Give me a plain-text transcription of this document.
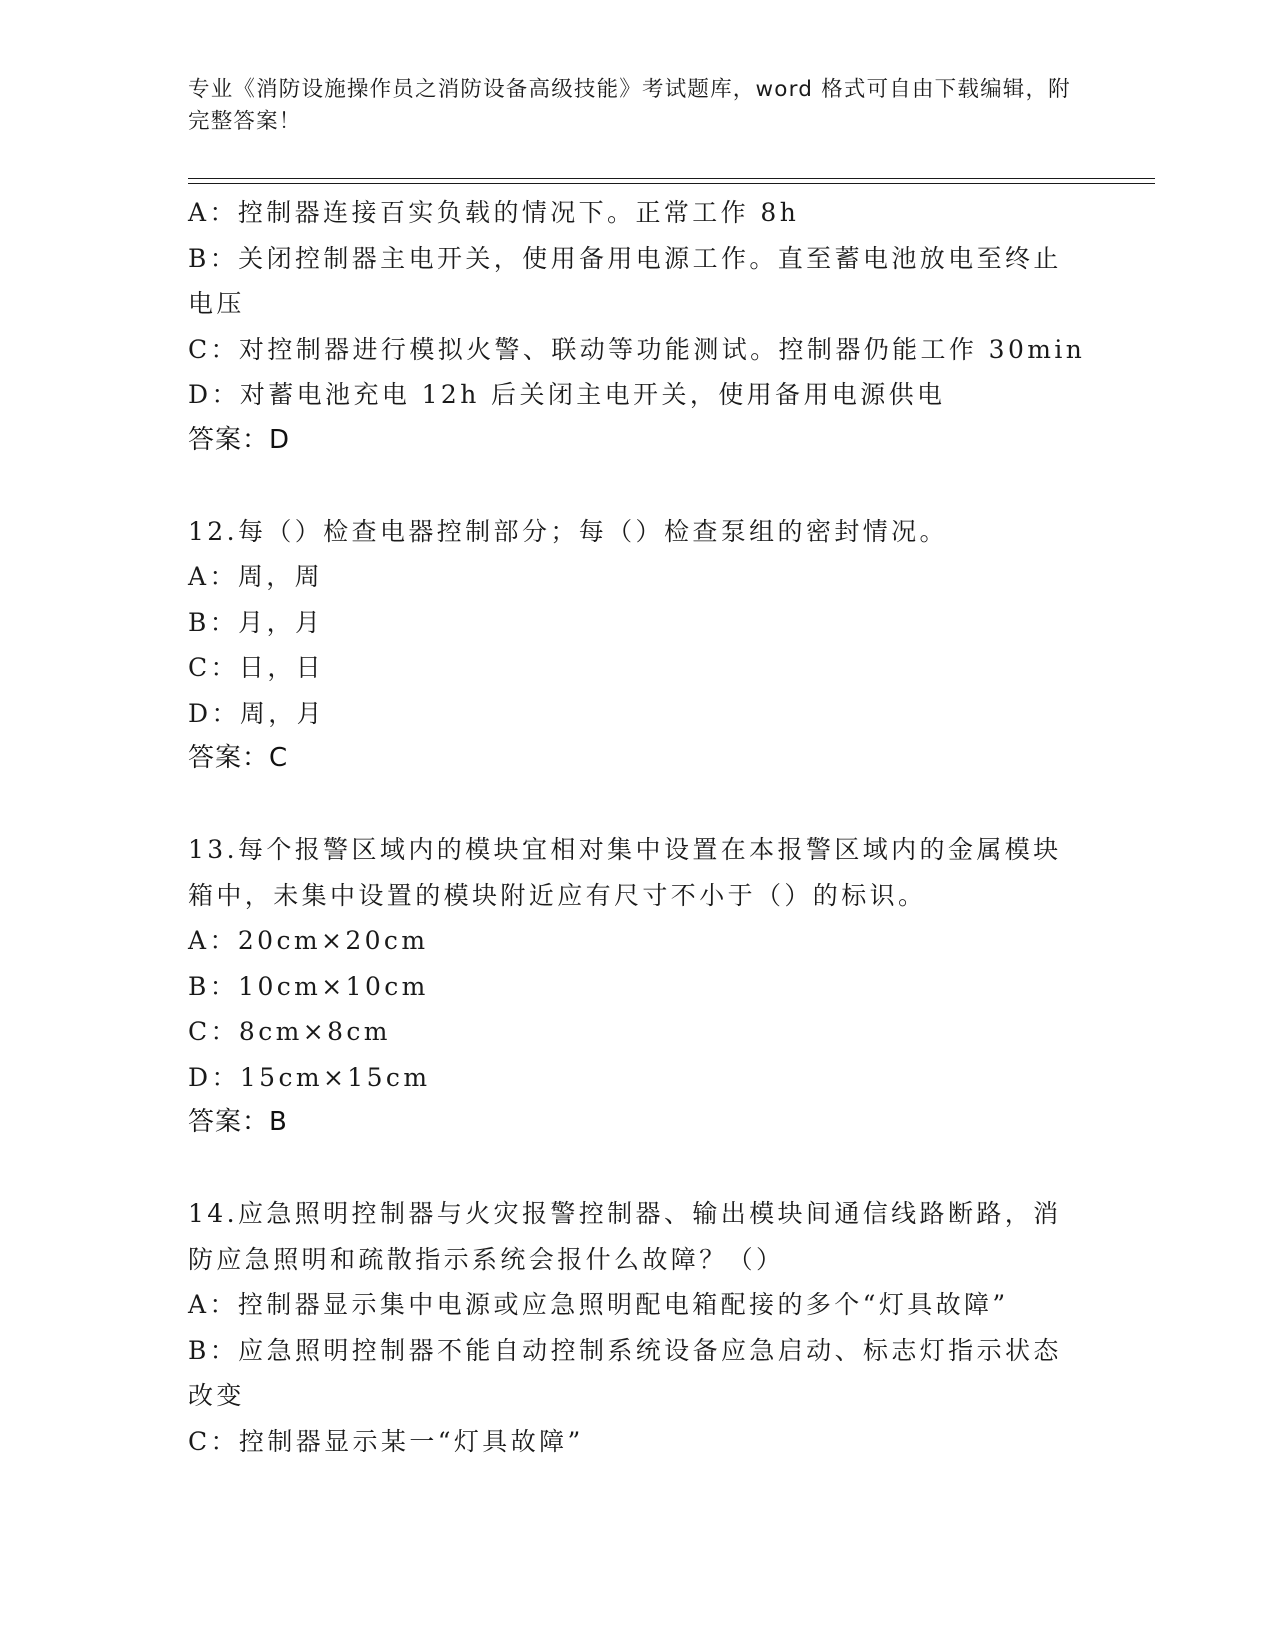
专业《消防设施操作员之消防设备高级技能》考试题库，word 格式可自由下载编辑，附完整答案！
A：控制器连接百实负载的情况下。正常工作 8h
B：关闭控制器主电开关，使用备用电源工作。直至蓄电池放电至终止电压
C：对控制器进行模拟火警、联动等功能测试。控制器仍能工作 30min
D：对蓄电池充电 12h 后关闭主电开关，使用备用电源供电
答案：D
12.每（）检查电器控制部分；每（）检查泵组的密封情况。
A：周，周
B：月，月
C：日，日
D：周，月
答案：C
13.每个报警区域内的模块宜相对集中设置在本报警区域内的金属模块箱中，未集中设置的模块附近应有尺寸不小于（）的标识。
A：20cm×20cm
B：10cm×10cm
C：8cm×8cm
D：15cm×15cm
答案：B
14.应急照明控制器与火灾报警控制器、输出模块间通信线路断路，消防应急照明和疏散指示系统会报什么故障？（）
A：控制器显示集中电源或应急照明配电箱配接的多个“灯具故障”
B：应急照明控制器不能自动控制系统设备应急启动、标志灯指示状态改变
C：控制器显示某一“灯具故障”
